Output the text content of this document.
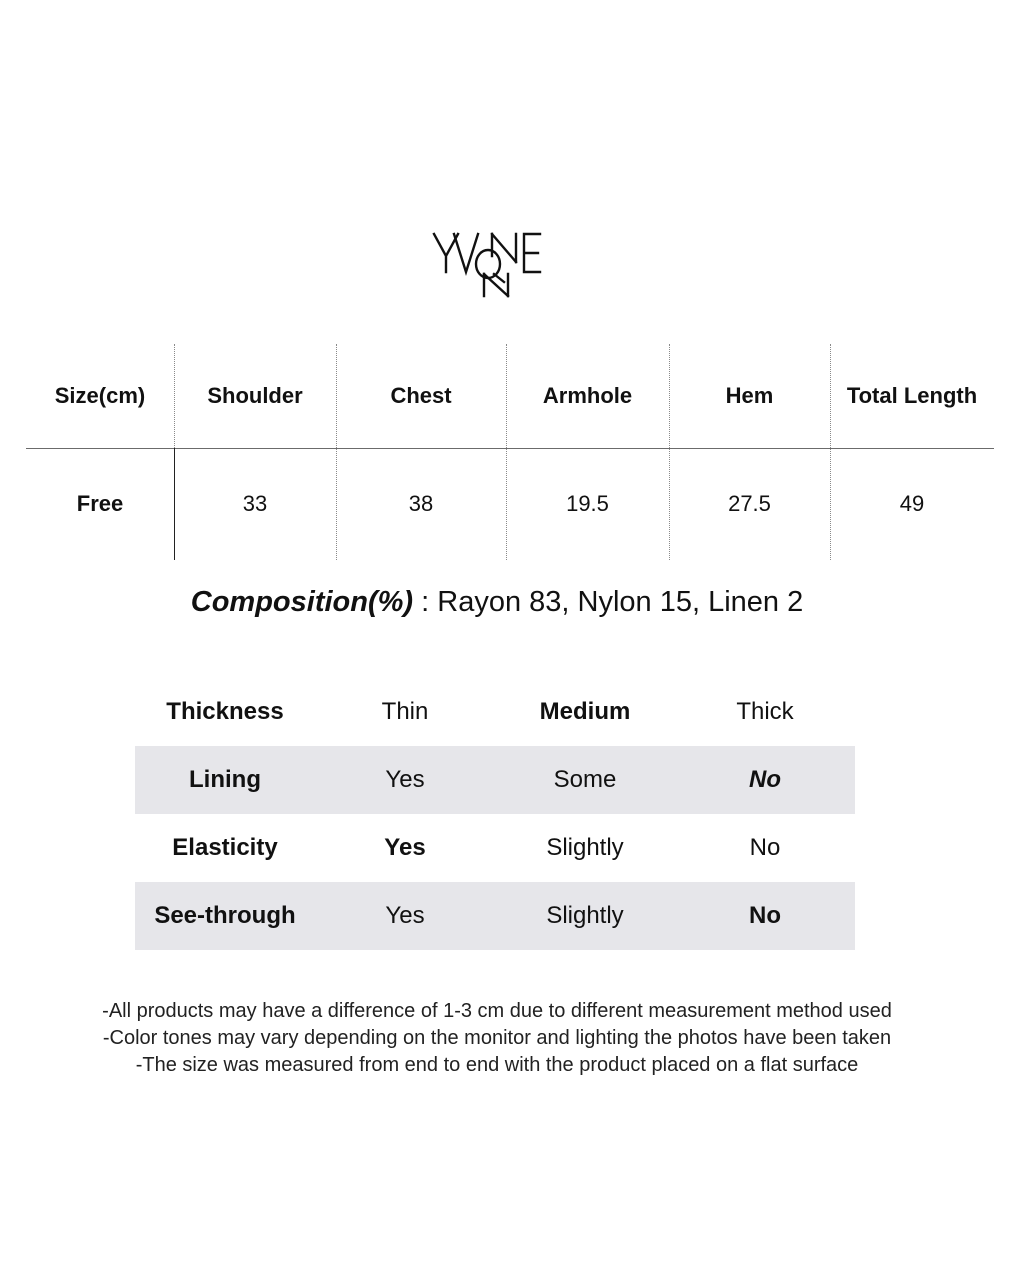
Size(cm)	Shoulder	Chest	Armhole	Hem	Total Length
Free	33	38	19.5	27.5	49
Composition(%) : Rayon 83, Nylon 15, Linen 2
Thickness	Thin	Medium	Thick
Lining	Yes	Some	No
Elasticity	Yes	Slightly	No
See-through	Yes	Slightly	No
-All products may have a difference of 1-3 cm due to different measurement method used
-Color tones may vary depending on the monitor and lighting the photos have been taken
-The size was measured from end to end with the product placed on a flat surface
